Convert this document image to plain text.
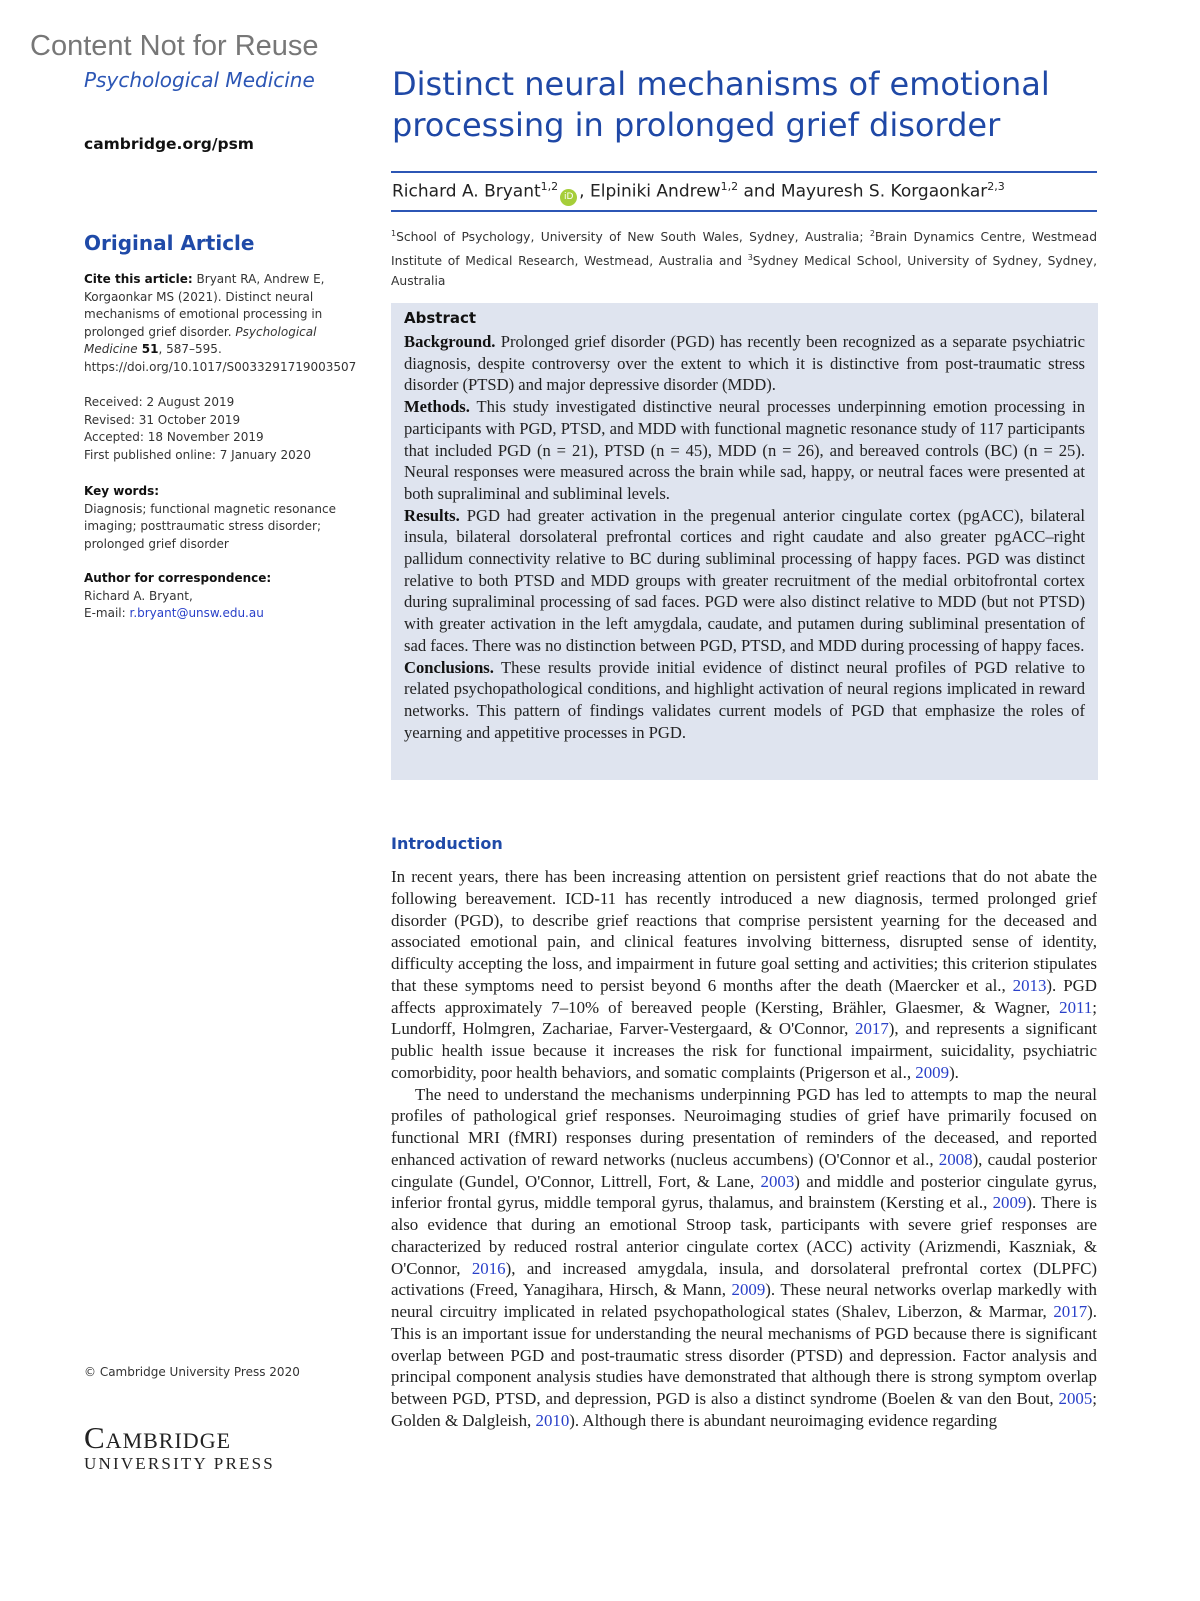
Content Not for Reuse
Psychological Medicine
cambridge.org/psm
Original Article
Cite this article: Bryant RA, Andrew E, Korgaonkar MS (2021). Distinct neural mechanisms of emotional processing in prolonged grief disorder. Psychological Medicine 51, 587–595. https://doi.org/10.1017/S0033291719003507
Received: 2 August 2019
Revised: 31 October 2019
Accepted: 18 November 2019
First published online: 7 January 2020
Key words:
Diagnosis; functional magnetic resonance imaging; posttraumatic stress disorder; prolonged grief disorder
Author for correspondence:
Richard A. Bryant,
E-mail: r.bryant@unsw.edu.au
Distinct neural mechanisms of emotional processing in prolonged grief disorder
Richard A. Bryant$^{1,2}$iD , Elpiniki Andrew$^{1,2}$ and Mayuresh S. Korgaonkar$^{2,3}$
$^1$School of Psychology, University of New South Wales, Sydney, Australia; $^2$Brain Dynamics Centre, Westmead Institute of Medical Research, Westmead, Australia and $^3$Sydney Medical School, University of Sydney, Sydney, Australia
Abstract

Background. Prolonged grief disorder (PGD) has recently been recognized as a separate psychiatric diagnosis, despite controversy over the extent to which it is distinctive from post-traumatic stress disorder (PTSD) and major depressive disorder (MDD).

Methods. This study investigated distinctive neural processes underpinning emotion processing in participants with PGD, PTSD, and MDD with functional magnetic resonance study of 117 participants that included PGD (n = 21), PTSD (n = 45), MDD (n = 26), and bereaved controls (BC) (n = 25). Neural responses were measured across the brain while sad, happy, or neutral faces were presented at both supraliminal and subliminal levels.

Results. PGD had greater activation in the pregenual anterior cingulate cortex (pgACC), bilateral insula, bilateral dorsolateral prefrontal cortices and right caudate and also greater pgACC–right pallidum connectivity relative to BC during subliminal processing of happy faces. PGD was distinct relative to both PTSD and MDD groups with greater recruitment of the medial orbitofrontal cortex during supraliminal processing of sad faces. PGD were also distinct relative to MDD (but not PTSD) with greater activation in the left amygdala, caudate, and putamen during subliminal presentation of sad faces. There was no distinction between PGD, PTSD, and MDD during processing of happy faces.

Conclusions. These results provide initial evidence of distinct neural profiles of PGD relative to related psychopathological conditions, and highlight activation of neural regions implicated in reward networks. This pattern of findings validates current models of PGD that emphasize the roles of yearning and appetitive processes in PGD.

Introduction

In recent years, there has been increasing attention on persistent grief reactions that do not abate the following bereavement. ICD-11 has recently introduced a new diagnosis, termed prolonged grief disorder (PGD), to describe grief reactions that comprise persistent yearning for the deceased and associated emotional pain, and clinical features involving bitterness, disrupted sense of identity, difficulty accepting the loss, and impairment in future goal setting and activities; this criterion stipulates that these symptoms need to persist beyond 6 months after the death (Maercker et al., 2013). PGD affects approximately 7–10% of bereaved people (Kersting, Brähler, Glaesmer, & Wagner, 2011; Lundorff, Holmgren, Zachariae, Farver-Vestergaard, & O'Connor, 2017), and represents a significant public health issue because it increases the risk for functional impairment, suicidality, psychiatric comorbidity, poor health behaviors, and somatic complaints (Prigerson et al., 2009).

The need to understand the mechanisms underpinning PGD has led to attempts to map the neural profiles of pathological grief responses. Neuroimaging studies of grief have primarily focused on functional MRI (fMRI) responses during presentation of reminders of the deceased, and reported enhanced activation of reward networks (nucleus accumbens) (O'Connor et al., 2008), caudal posterior cingulate (Gundel, O'Connor, Littrell, Fort, & Lane, 2003) and middle and posterior cingulate gyrus, inferior frontal gyrus, middle temporal gyrus, thalamus, and brainstem (Kersting et al., 2009). There is also evidence that during an emotional Stroop task, participants with severe grief responses are characterized by reduced rostral anterior cingulate cortex (ACC) activity (Arizmendi, Kaszniak, & O'Connor, 2016), and increased amygdala, insula, and dorsolateral prefrontal cortex (DLPFC) activations (Freed, Yanagihara, Hirsch, & Mann, 2009). These neural networks overlap markedly with neural circuitry implicated in related psychopathological states (Shalev, Liberzon, & Marmar, 2017). This is an important issue for understanding the neural mechanisms of PGD because there is significant overlap between PGD and post-traumatic stress disorder (PTSD) and depression. Factor analysis and principal component analysis studies have demonstrated that although there is strong symptom overlap between PGD, PTSD, and depression, PGD is also a distinct syndrome (Boelen & van den Bout, 2005; Golden & Dalgleish, 2010). Although there is abundant neuroimaging evidence regarding

© Cambridge University Press 2020
Cambridge
UNIVERSITY PRESS
